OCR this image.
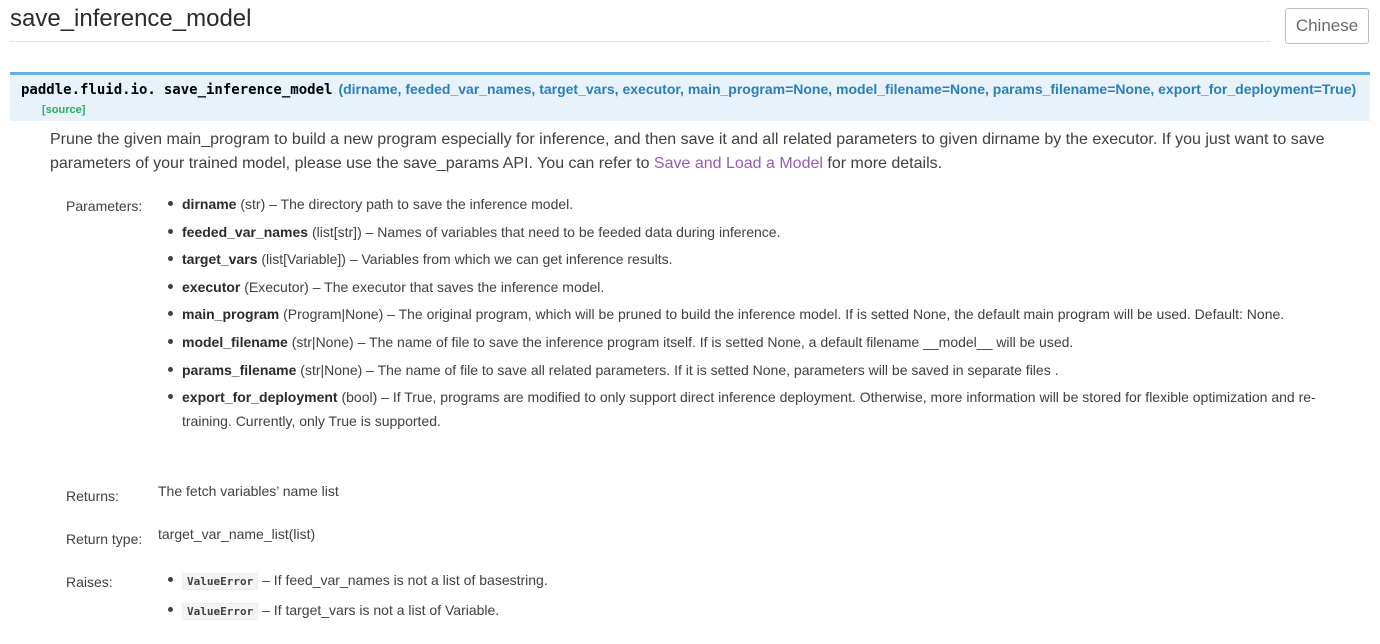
save_inference_model	Chinese
paddle.fluid.io. save_inference_model (dirname, feeded_var_names, target_vars, executor, main_program=None, model_filename=None, params_filename=None, export_for_deployment=True)[source]

Prune the given main_program to build a new program especially for inference, and then save it and all related parameters to given dirname by the executor. If you just want to save parameters of your trained model, please use the save_params API. You can refer to Save and Load a Model for more details.

Parameters:	dirname (str) – The directory path to save the inference model.
feeded_var_names (list[str]) – Names of variables that need to be feeded data during inference.
target_vars (list[Variable]) – Variables from which we can get inference results.
executor (Executor) – The executor that saves the inference model.
main_program (Program|None) – The original program, which will be pruned to build the inference model. If is setted None, the default main program will be used. Default: None.
model_filename (str|None) – The name of file to save the inference program itself. If is setted None, a default filename __model__ will be used.
params_filename (str|None) – The name of file to save all related parameters. If it is setted None, parameters will be saved in separate files .
export_for_deployment (bool) – If True, programs are modified to only support direct inference deployment. Otherwise, more information will be stored for flexible optimization and re-training. Currently, only True is supported.
Returns:	The fetch variables’ name list
Return type: target_var_name_list(list)
Raises:	ValueError – If feed_var_names is not a list of basestring.
ValueError – If target_vars is not a list of Variable.
